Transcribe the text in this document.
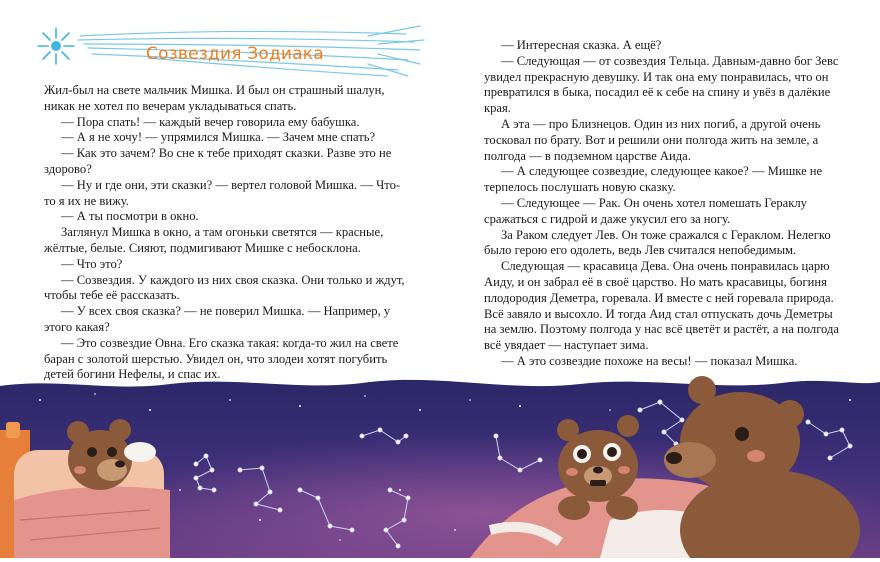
Созвездия Зодиака

Жил-был на свете мальчик Мишка. И был он страшный шалун, никак не хотел по вечерам укладываться спать.

— Пора спать! — каждый вечер говорила ему бабушка.

— А я не хочу! — упрямился Мишка. — Зачем мне спать?

— Как это зачем? Во сне к тебе приходят сказки. Разве это не здорово?

— Ну и где они, эти сказки? — вертел головой Мишка. — Что-то я их не вижу.

— А ты посмотри в окно.

Заглянул Мишка в окно, а там огоньки светятся — красные, жёлтые, белые. Сияют, подмигивают Мишке с небосклона.

— Что это?

— Созвездия. У каждого из них своя сказка. Они только и ждут, чтобы тебе её рассказать.

— У всех своя сказка? — не поверил Мишка. — Например, у этого какая?

— Это созвездие Овна. Его сказка такая: когда-то жил на свете баран с золотой шерстью. Увидел он, что злодеи хотят погубить детей богини Нефелы, и спас их.

— Интересная сказка. А ещё?

— Следующая — от созвездия Тельца. Давным-давно бог Зевс увидел прекрасную девушку. И так она ему понравилась, что он превратился в быка, посадил её к себе на спину и увёз в далёкие края.

А эта — про Близнецов. Один из них погиб, а другой очень тосковал по брату. Вот и решили они полгода жить на земле, а полгода — в подземном царстве Аида.

— А следующее созвездие, следующее какое? — Мишке не терпелось послушать новую сказку.

— Следующее — Рак. Он очень хотел помешать Гераклу сражаться с гидрой и даже укусил его за ногу.

За Раком следует Лев. Он тоже сражался с Гераклом. Нелегко было герою его одолеть, ведь Лев считался непобедимым.

Следующая — красавица Дева. Она очень понравилась царю Аиду, и он забрал её в своё царство. Но мать красавицы, богиня плодородия Деметра, горевала. И вместе с ней горевала природа. Всё завяло и высохло. И тогда Аид стал отпускать дочь Деметры на землю. Поэтому полгода у нас всё цветёт и растёт, а на полгода всё увядает — наступает зима.

— А это созвездие похоже на весы! — показал Мишка.
